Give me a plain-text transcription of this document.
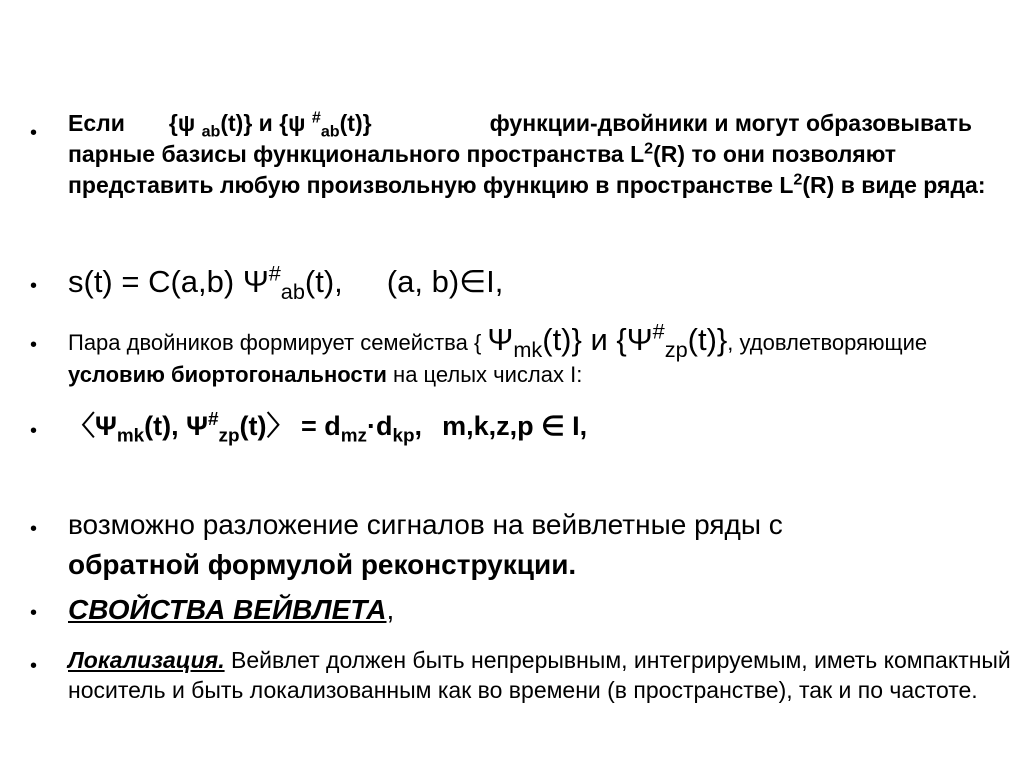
• Если {ψ $_{ab}$(t)} и {ψ #$_{ab}$(t)}	функции-двойники и могут образовывать парные базисы функционального пространства $L^2(R)$ то они позволяют представить любую произвольную функцию в пространстве $L^2(R)$ в виде ряда:
• s(t) = C(a,b) $\Psi^{\#}_{ab}(t)$, (a, b)∈I,
• Пара двойников формирует семейства { $\Psi_{mk}(t)$} и $\{\Psi^{\#}_{zp}(t)\}$, удовлетворяющие условию биортогональности на целых числах I:
• 〈$\Psi_{mk}(t)$, $\Psi^{\#}_{zp}(t)$〉 = $d_{mz}\cdot d_{kp}$, m,k,z,p ∈ I,
• возможно разложение сигналов на вейвлетные ряды с
обратной формулой реконструкции.
• СВОЙСТВА ВЕЙВЛЕТА,
• Локализация. Вейвлет должен быть непрерывным, интегрируемым, иметь компактный носитель и быть локализованным как во времени (в пространстве), так и по частоте.
